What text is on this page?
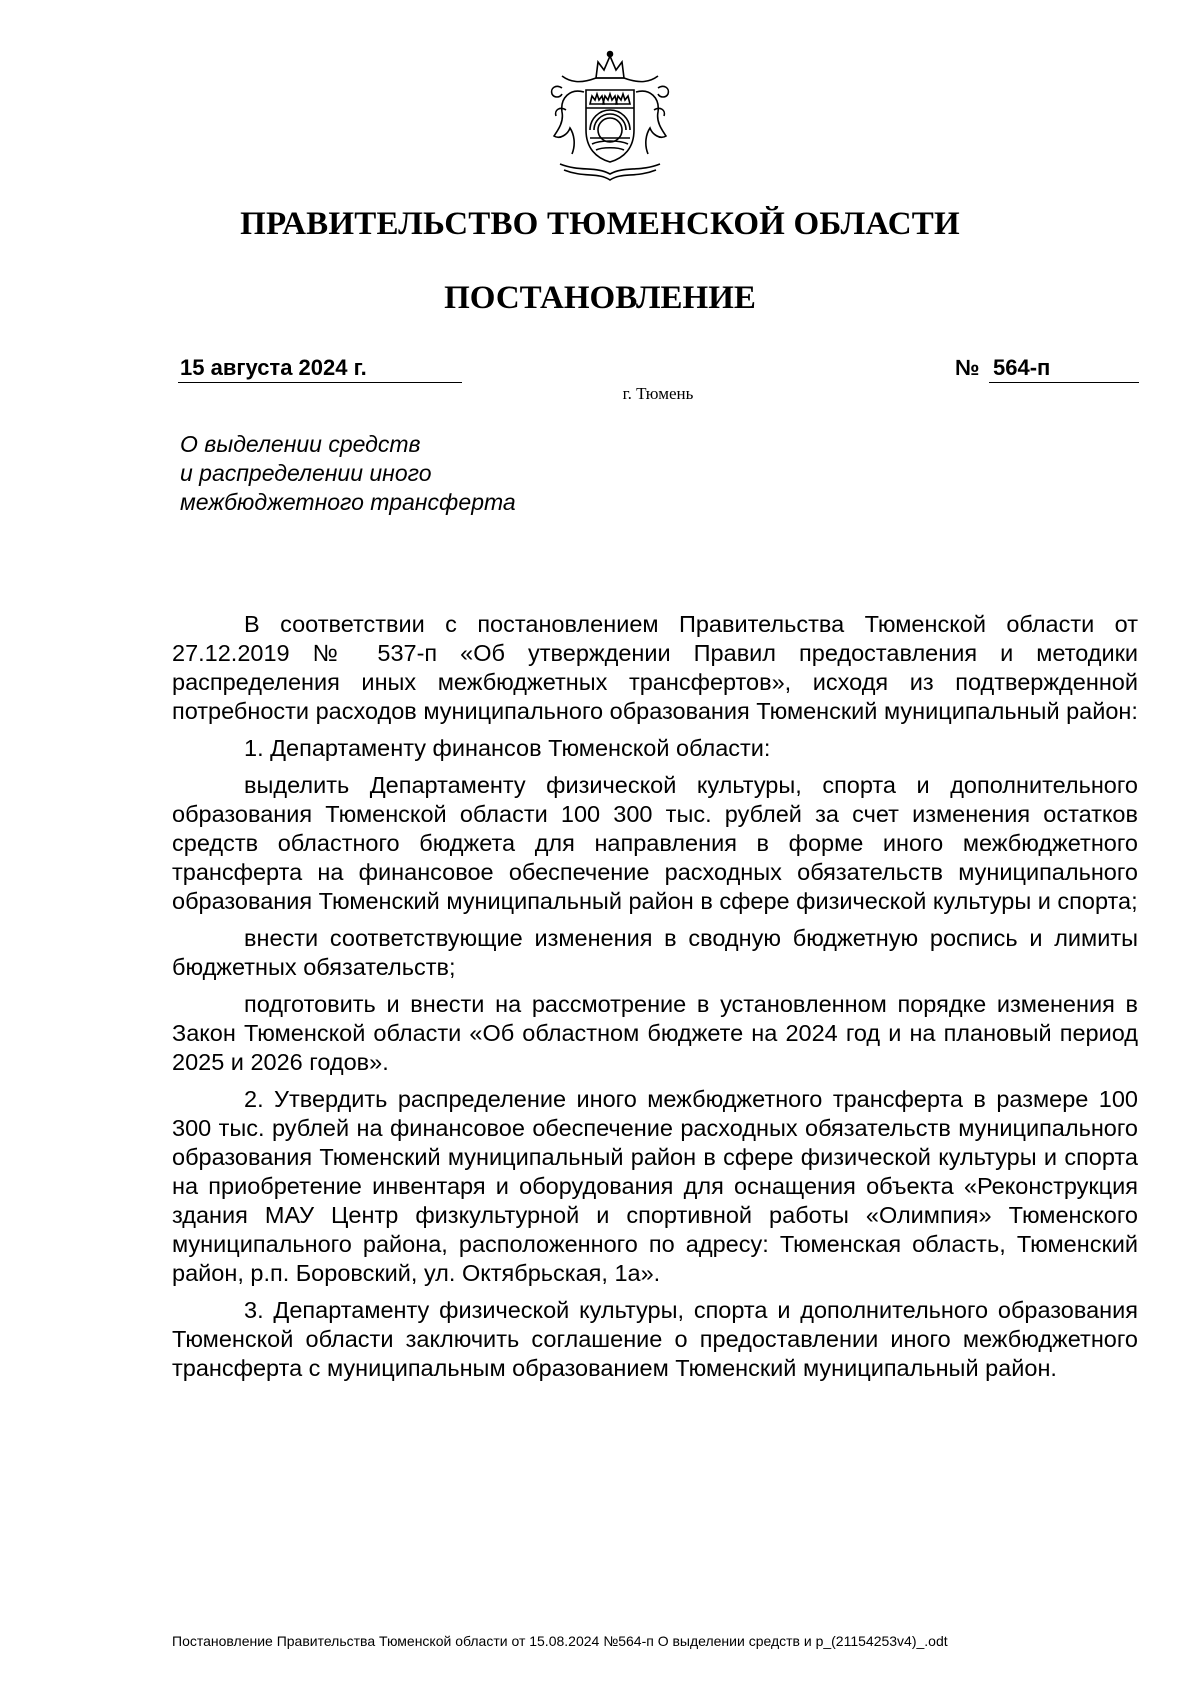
ПРАВИТЕЛЬСТВО ТЮМЕНСКОЙ ОБЛАСТИ
ПОСТАНОВЛЕНИЕ
15 августа 2024 г.	№ 564-п
г. Тюмень
О выделении средств
и распределении иного
межбюджетного трансферта

В соответствии с постановлением Правительства Тюменской области от 27.12.2019 № 537-п «Об утверждении Правил предоставления и методики распределения иных межбюджетных трансфертов», исходя из подтвержденной потребности расходов муниципального образования Тюменский муниципальный район:

1. Департаменту финансов Тюменской области:

выделить Департаменту физической культуры, спорта и дополнительного образования Тюменской области 100 300 тыс. рублей за счет изменения остатков средств областного бюджета для направления в форме иного межбюджетного трансферта на финансовое обеспечение расходных обязательств муниципального образования Тюменский муниципальный район в сфере физической культуры и спорта;

внести соответствующие изменения в сводную бюджетную роспись и лимиты бюджетных обязательств;

подготовить и внести на рассмотрение в установленном порядке изменения в Закон Тюменской области «Об областном бюджете на 2024 год и на плановый период 2025 и 2026 годов».

2. Утвердить распределение иного межбюджетного трансферта в размере 100 300 тыс. рублей на финансовое обеспечение расходных обязательств муниципального образования Тюменский муниципальный район в сфере физической культуры и спорта на приобретение инвентаря и оборудования для оснащения объекта «Реконструкция здания МАУ Центр физкультурной и спортивной работы «Олимпия» Тюменского муниципального района, расположенного по адресу: Тюменская область, Тюменский район, р.п. Боровский, ул. Октябрьская, 1а».

3. Департаменту физической культуры, спорта и дополнительного образования Тюменской области заключить соглашение о предоставлении иного межбюджетного трансферта с муниципальным образованием Тюменский муниципальный район.

Постановление Правительства Тюменской области от 15.08.2024 №564-п О выделении средств и р_(21154253v4)_.odt
